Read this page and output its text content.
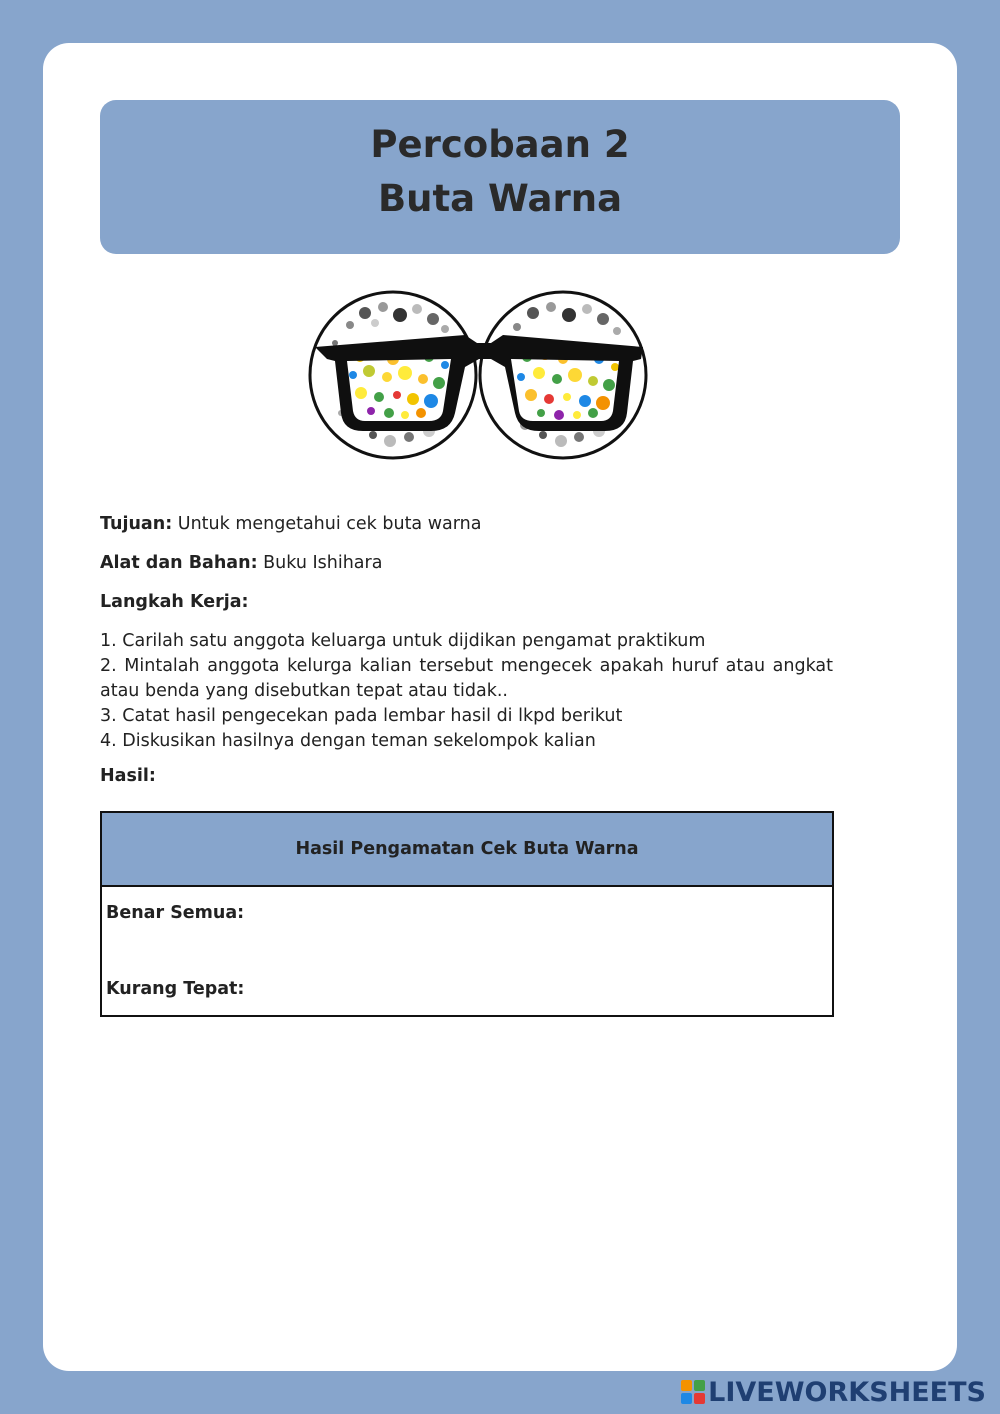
Percobaan 2
Buta Warna
Tujuan: Untuk mengetahui cek buta warna
Alat dan Bahan: Buku Ishihara
Langkah Kerja:
1. Carilah satu anggota keluarga untuk dijdikan pengamat praktikum
2. Mintalah anggota kelurga kalian tersebut mengecek apakah huruf atau angkat atau benda yang disebutkan tepat atau tidak..
3. Catat hasil pengecekan pada lembar hasil di lkpd berikut
4. Diskusikan hasilnya dengan teman sekelompok kalian
Hasil:
Hasil Pengamatan Cek Buta Warna
Benar Semua:
Kurang Tepat:
LIVEWORKSHEETS
